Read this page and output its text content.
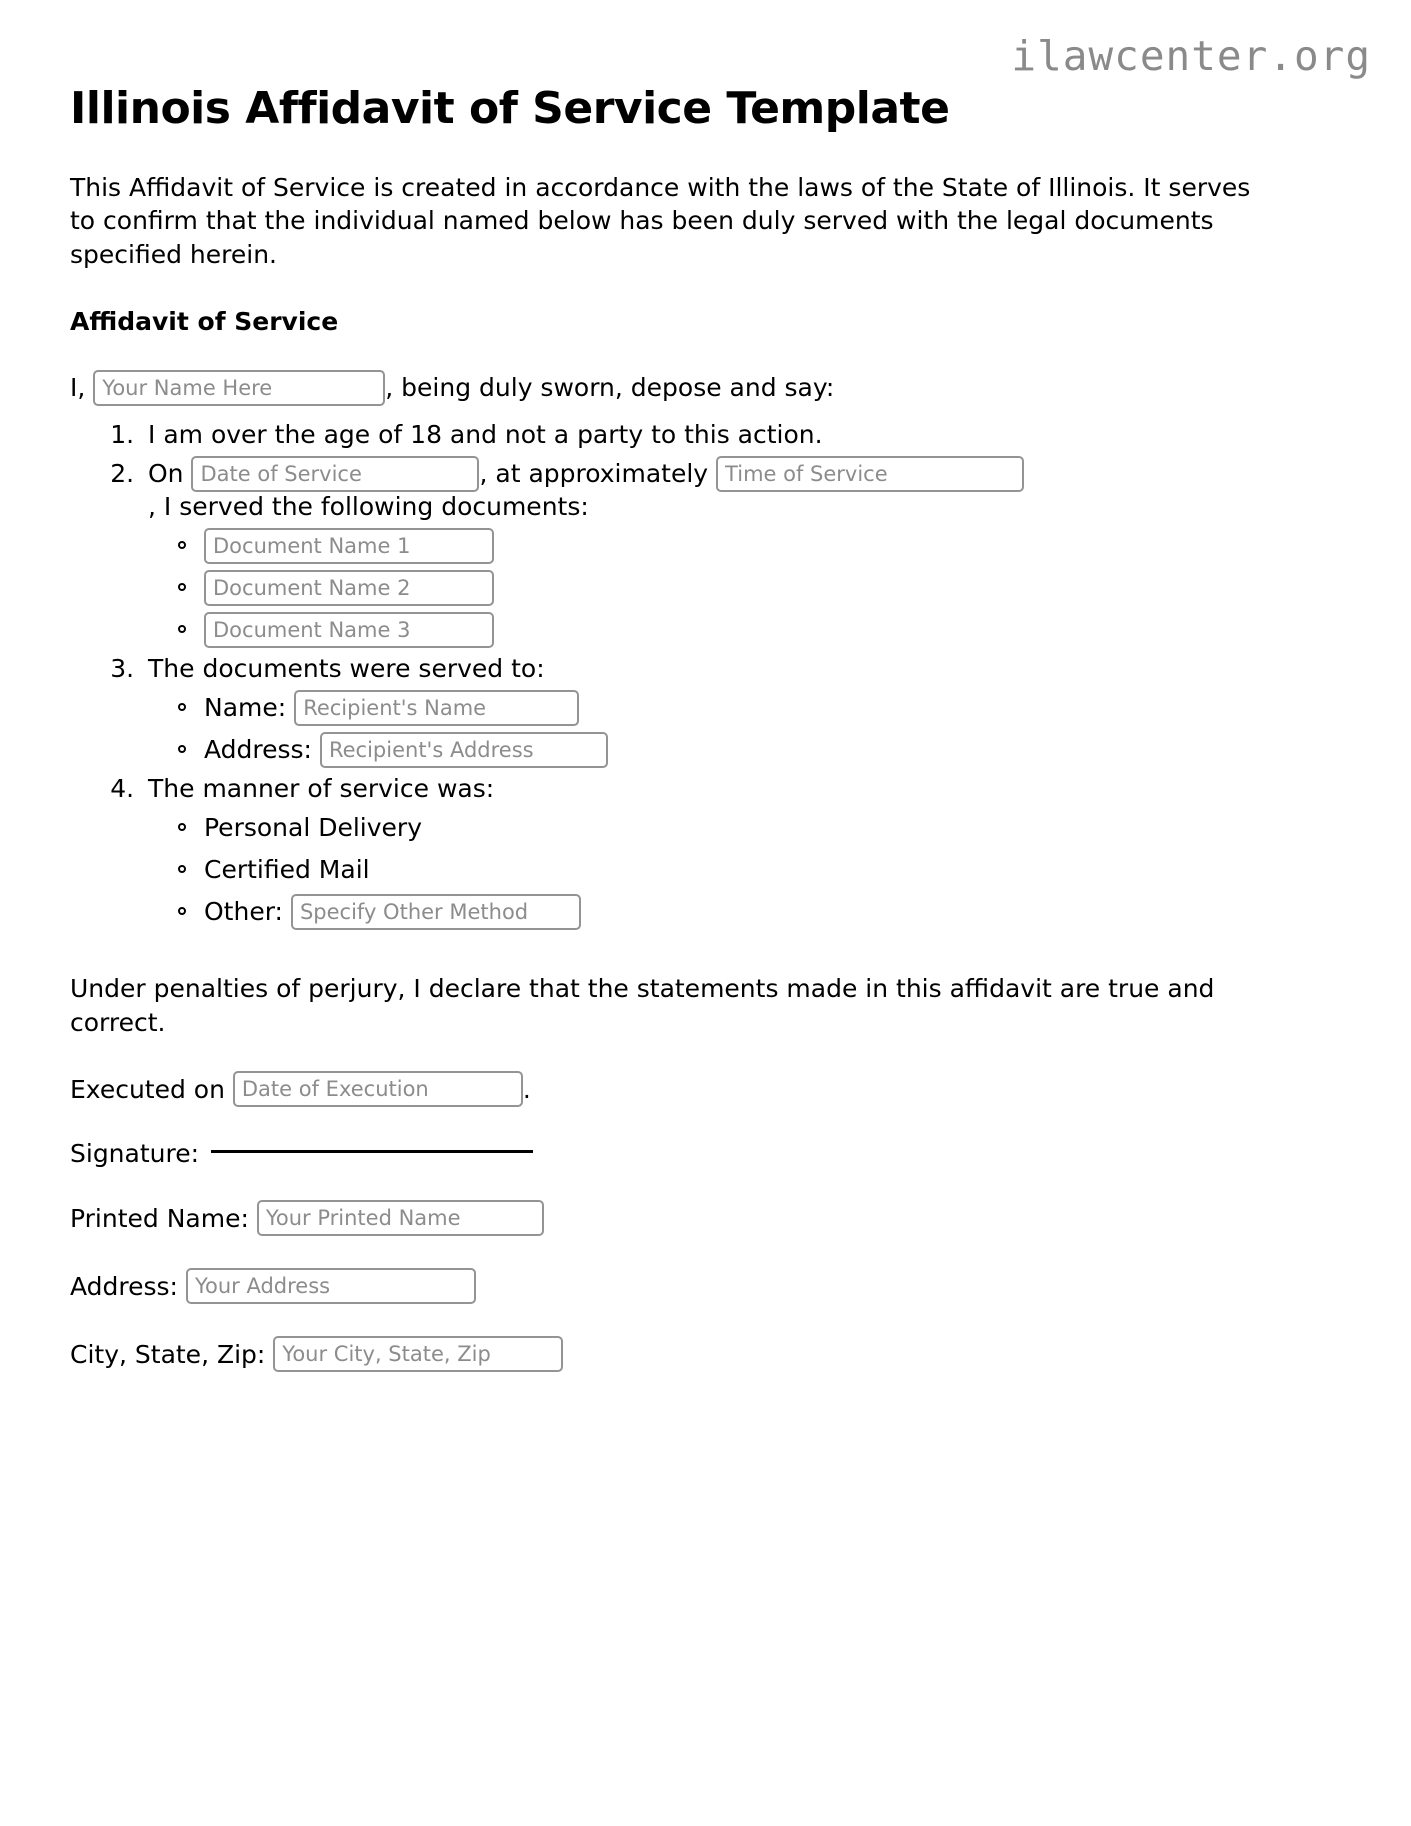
ilawcenter.org
Illinois Affidavit of Service Template

This Affidavit of Service is created in accordance with the laws of the State of Illinois. It serves to confirm that the individual named below has been duly served with the legal documents specified herein.

Affidavit of Service

I,
Your Name Here	, being duly sworn, depose and say:
1. I am over the age of 18 and not a party to this action.
2. On
Date of Service	, at approximately
Time of Service
, I served the following documents:
Document Name 1
Document Name 2
Document Name 3
3. The documents were served to:
Name:
Recipient's Name
Address:
Recipient's Address
4. The manner of service was:
Personal Delivery
Certified Mail
Other:
Specify Other Method

Under penalties of perjury, I declare that the statements made in this affidavit are true and correct.

Executed on
Date of Execution	.
Signature:
Printed Name:

Your Printed Name
Address:

Your Address
City, State, Zip:

Your City, State, Zip
